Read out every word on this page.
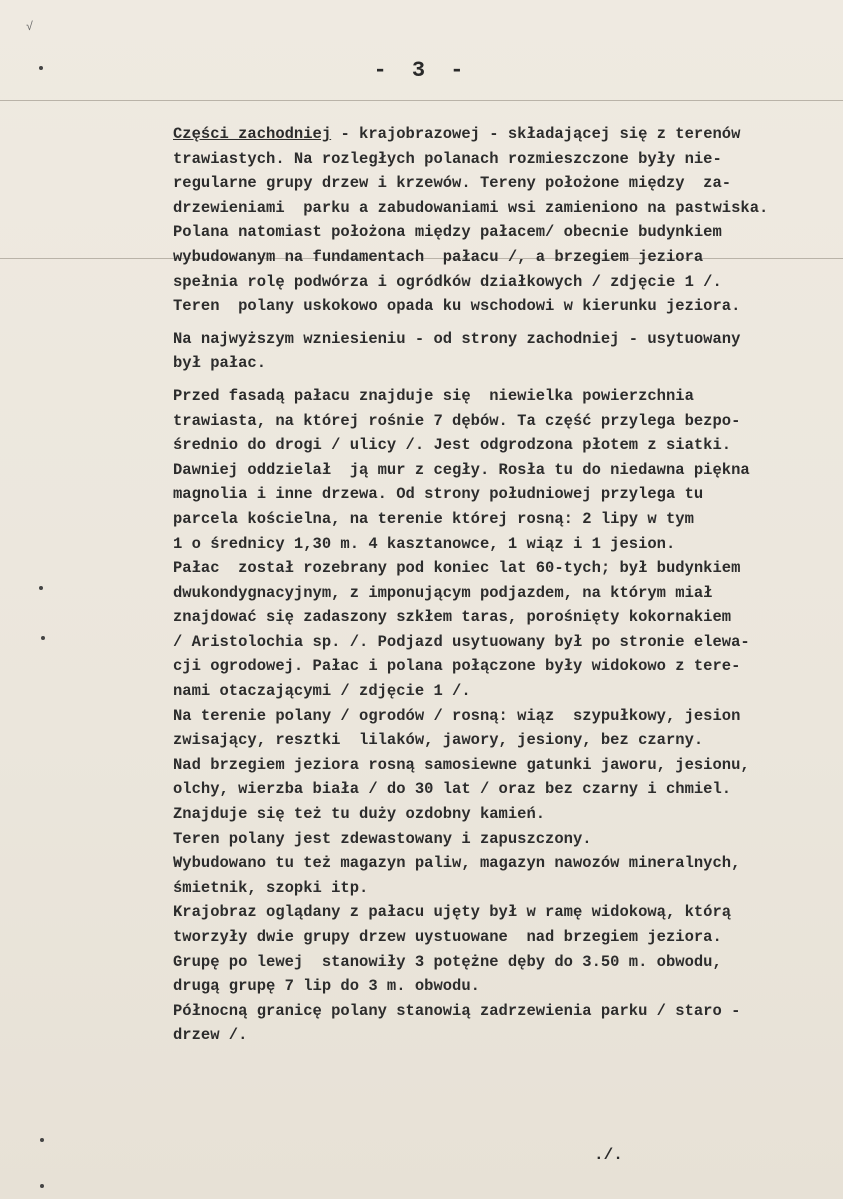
√
- 3 -
Części zachodniej - krajobrazowej - składającej się z terenów
trawiastych. Na rozległych polanach rozmieszczone były nie-
regularne grupy drzew i krzewów. Tereny położone między  za-
drzewieniami  parku a zabudowaniami wsi zamieniono na pastwiska.
Polana natomiast położona między pałacem/ obecnie budynkiem
wybudowanym na fundamentach  pałacu /, a brzegiem jeziora
spełnia rolę podwórza i ogródków działkowych / zdjęcie 1 /.
Teren  polany uskokowo opada ku wschodowi w kierunku jeziora.
Na najwyższym wzniesieniu - od strony zachodniej - usytuowany
był pałac.
Przed fasadą pałacu znajduje się  niewielka powierzchnia
trawiasta, na której rośnie 7 dębów. Ta część przylega bezpo-
średnio do drogi / ulicy /. Jest odgrodzona płotem z siatki.
Dawniej oddzielał  ją mur z cegły. Rosła tu do niedawna piękna
magnolia i inne drzewa. Od strony południowej przylega tu
parcela kościelna, na terenie której rosną: 2 lipy w tym
1 o średnicy 1,30 m. 4 kasztanowce, 1 wiąz i 1 jesion.
Pałac  został rozebrany pod koniec lat 60-tych; był budynkiem
dwukondygnacyjnym, z imponującym podjazdem, na którym miał
znajdować się zadaszony szkłem taras, porośnięty kokornakiem
/ Aristolochia sp. /. Podjazd usytuowany był po stronie elewa-
cji ogrodowej. Pałac i polana połączone były widokowo z tere-
nami otaczającymi / zdjęcie 1 /.
Na terenie polany / ogrodów / rosną: wiąz  szypułkowy, jesion
zwisający, resztki  lilaków, jawory, jesiony, bez czarny.
Nad brzegiem jeziora rosną samosiewne gatunki jaworu, jesionu,
olchy, wierzba biała / do 30 lat / oraz bez czarny i chmiel.
Znajduje się też tu duży ozdobny kamień.
Teren polany jest zdewastowany i zapuszczony.
Wybudowano tu też magazyn paliw, magazyn nawozów mineralnych,
śmietnik, szopki itp.
Krajobraz oglądany z pałacu ujęty był w ramę widokową, którą
tworzyły dwie grupy drzew uystuowane  nad brzegiem jeziora.
Grupę po lewej  stanowiły 3 potężne dęby do 3.50 m. obwodu,
drugą grupę 7 lip do 3 m. obwodu.
Północną granicę polany stanowią zadrzewienia parku / staro -
drzew /.
./.
